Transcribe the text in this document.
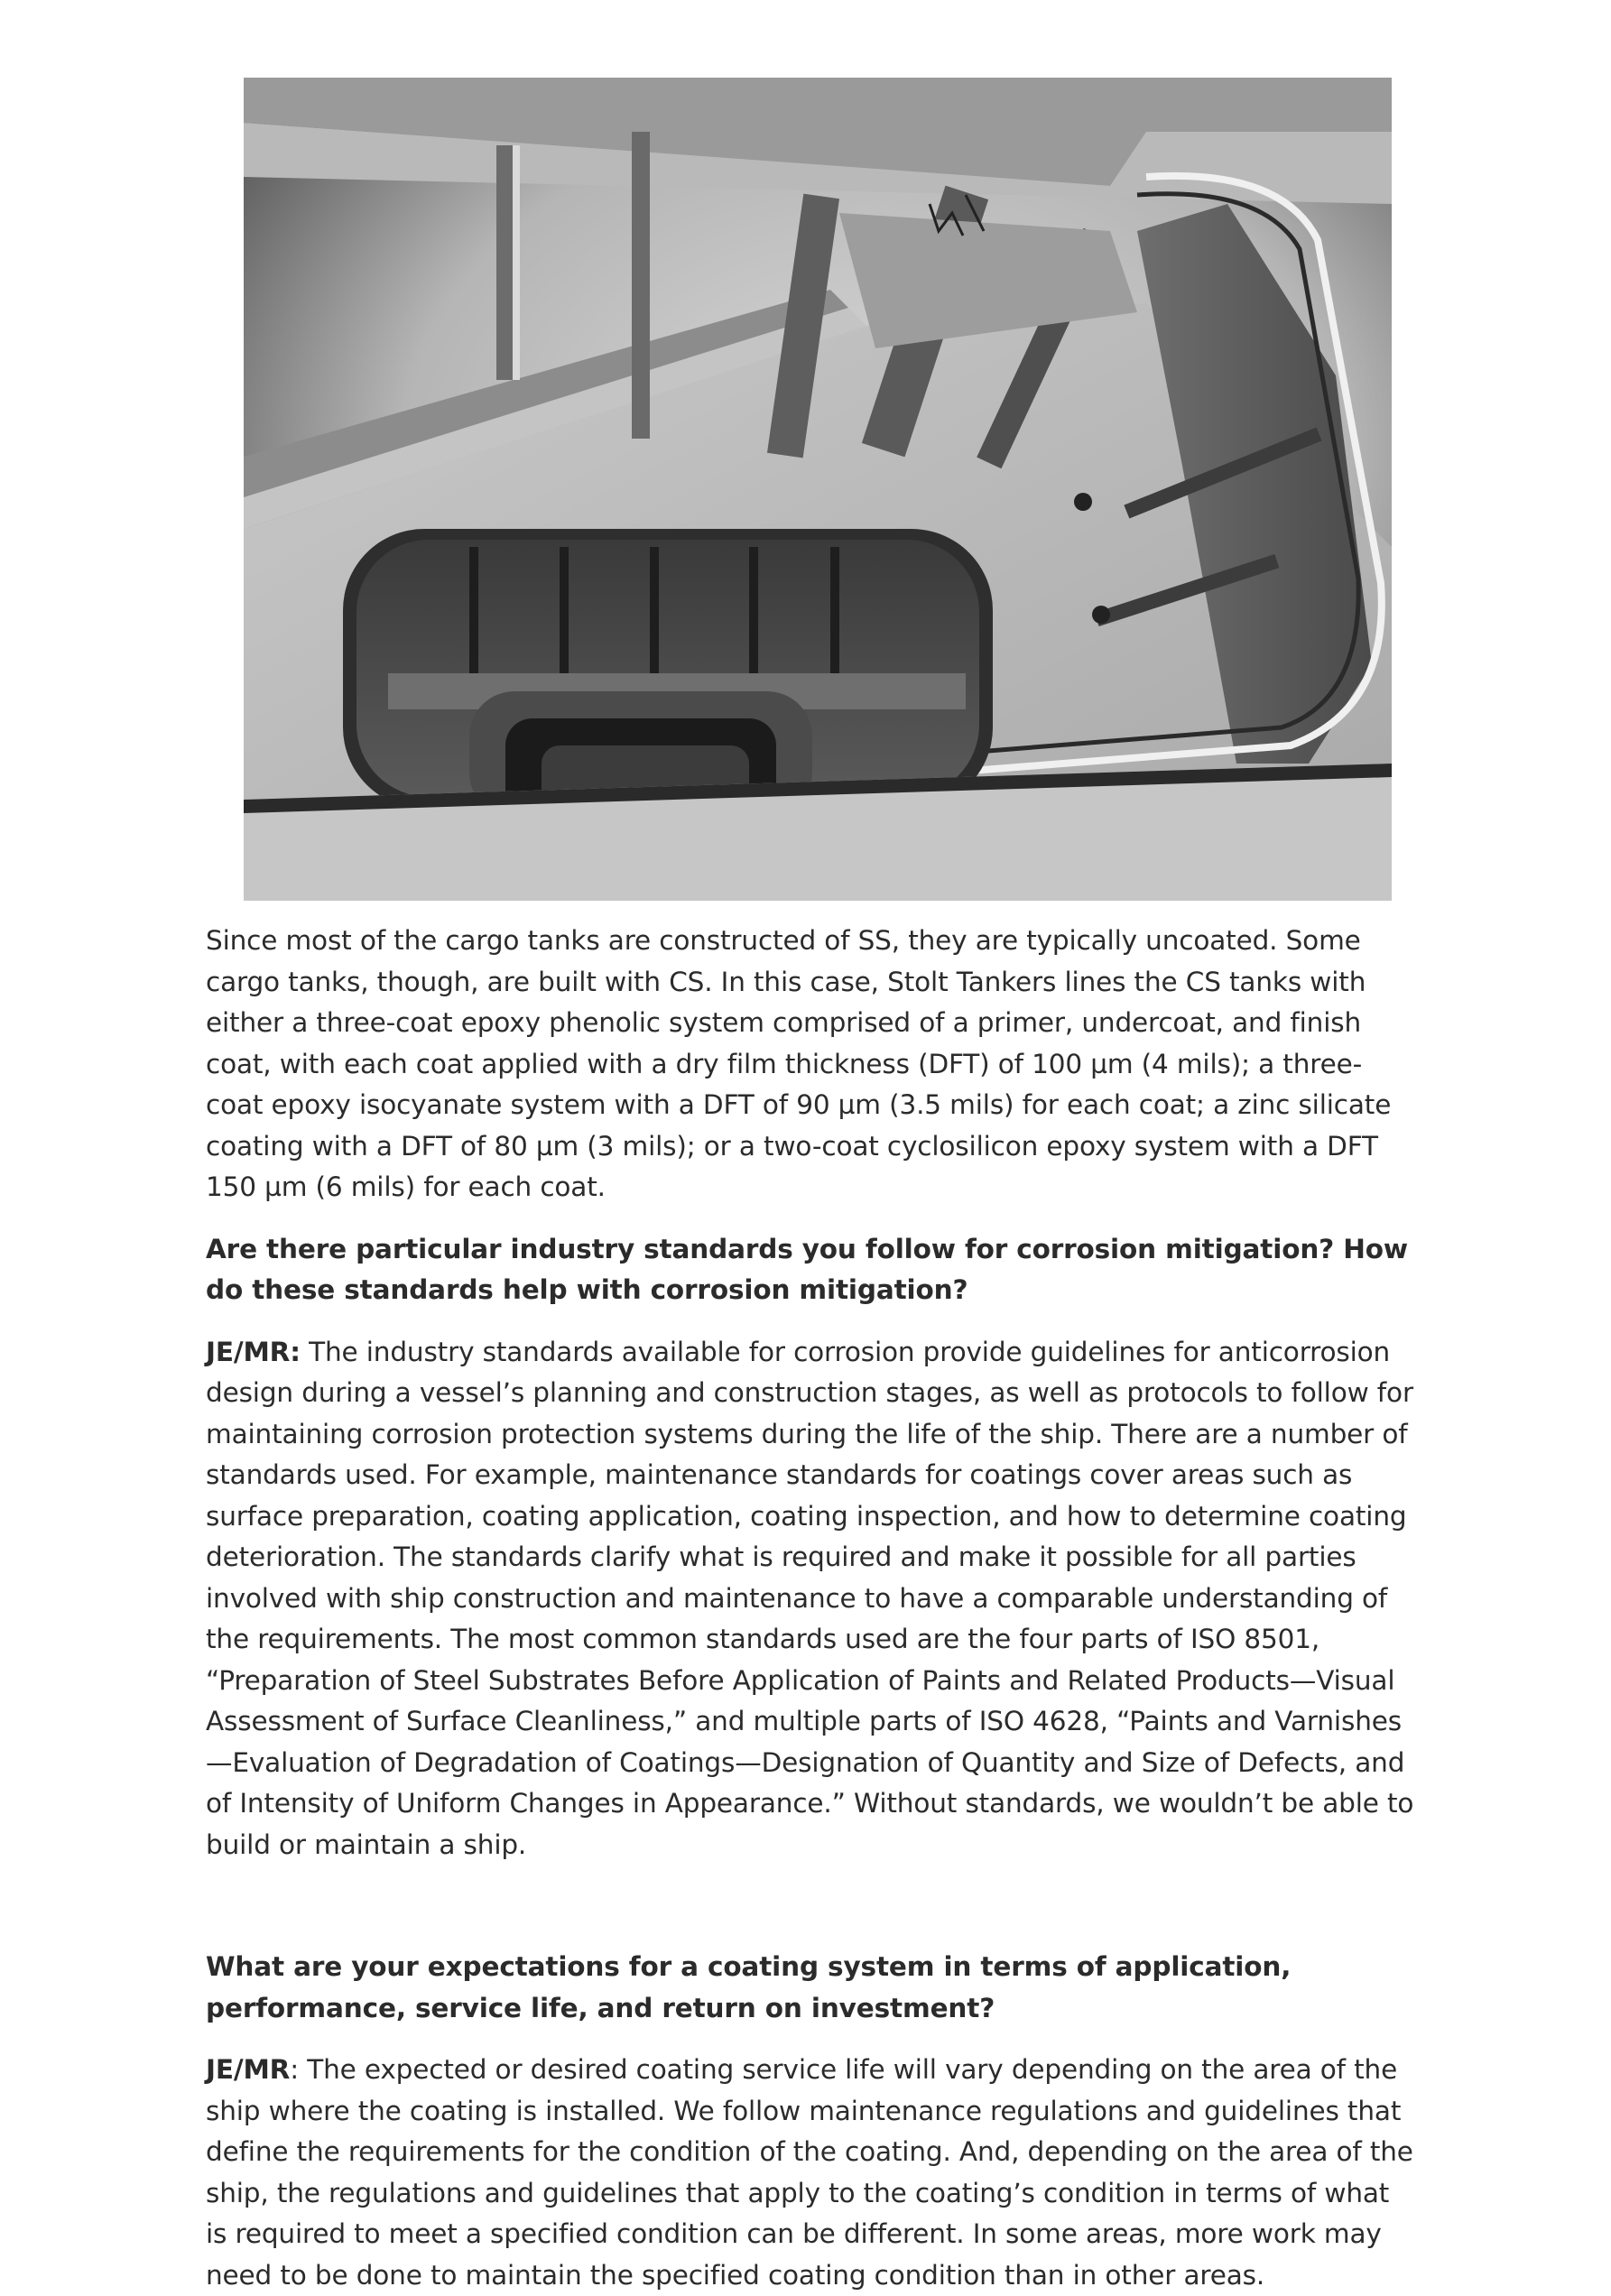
Since most of the cargo tanks are constructed of SS, they are typically uncoated. Some cargo tanks, though, are built with CS. In this case, Stolt Tankers lines the CS tanks with either a three-coat epoxy phenolic system comprised of a primer, undercoat, and finish coat, with each coat applied with a dry film thickness (DFT) of 100 µm (4 mils); a three-coat epoxy isocyanate system with a DFT of 90 µm (3.5 mils) for each coat; a zinc silicate coating with a DFT of 80 µm (3 mils); or a two-coat cyclosilicon epoxy system with a DFT 150 µm (6 mils) for each coat.

Are there particular industry standards you follow for corrosion mitigation? How do these standards help with corrosion mitigation?

JE/MR: The industry standards available for corrosion provide guidelines for anticorrosion design during a vessel’s planning and construction stages, as well as protocols to follow for maintaining corrosion protection systems during the life of the ship. There are a number of standards used. For example, maintenance standards for coatings cover areas such as surface preparation, coating application, coating inspection, and how to determine coating deterioration. The standards clarify what is required and make it possible for all parties involved with ship construction and maintenance to have a comparable understanding of the requirements. The most common standards used are the four parts of ISO 8501, “Preparation of Steel Substrates Before Application of Paints and Related Products—Visual Assessment of Surface Cleanliness,” and multiple parts of ISO 4628, “Paints and Varnishes—Evaluation of Degradation of Coatings—Designation of Quantity and Size of Defects, and of Intensity of Uniform Changes in Appearance.” Without standards, we wouldn’t be able to build or maintain a ship.

What are your expectations for a coating system in terms of application, performance, service life, and return on investment?

JE/MR: The expected or desired coating service life will vary depending on the area of the ship where the coating is installed. We follow maintenance regulations and guidelines that define the requirements for the condition of the coating. And, depending on the area of the ship, the regulations and guidelines that apply to the coating’s condition in terms of what is required to meet a specified condition can be different. In some areas, more work may need to be done to maintain the specified coating condition than in other areas.
